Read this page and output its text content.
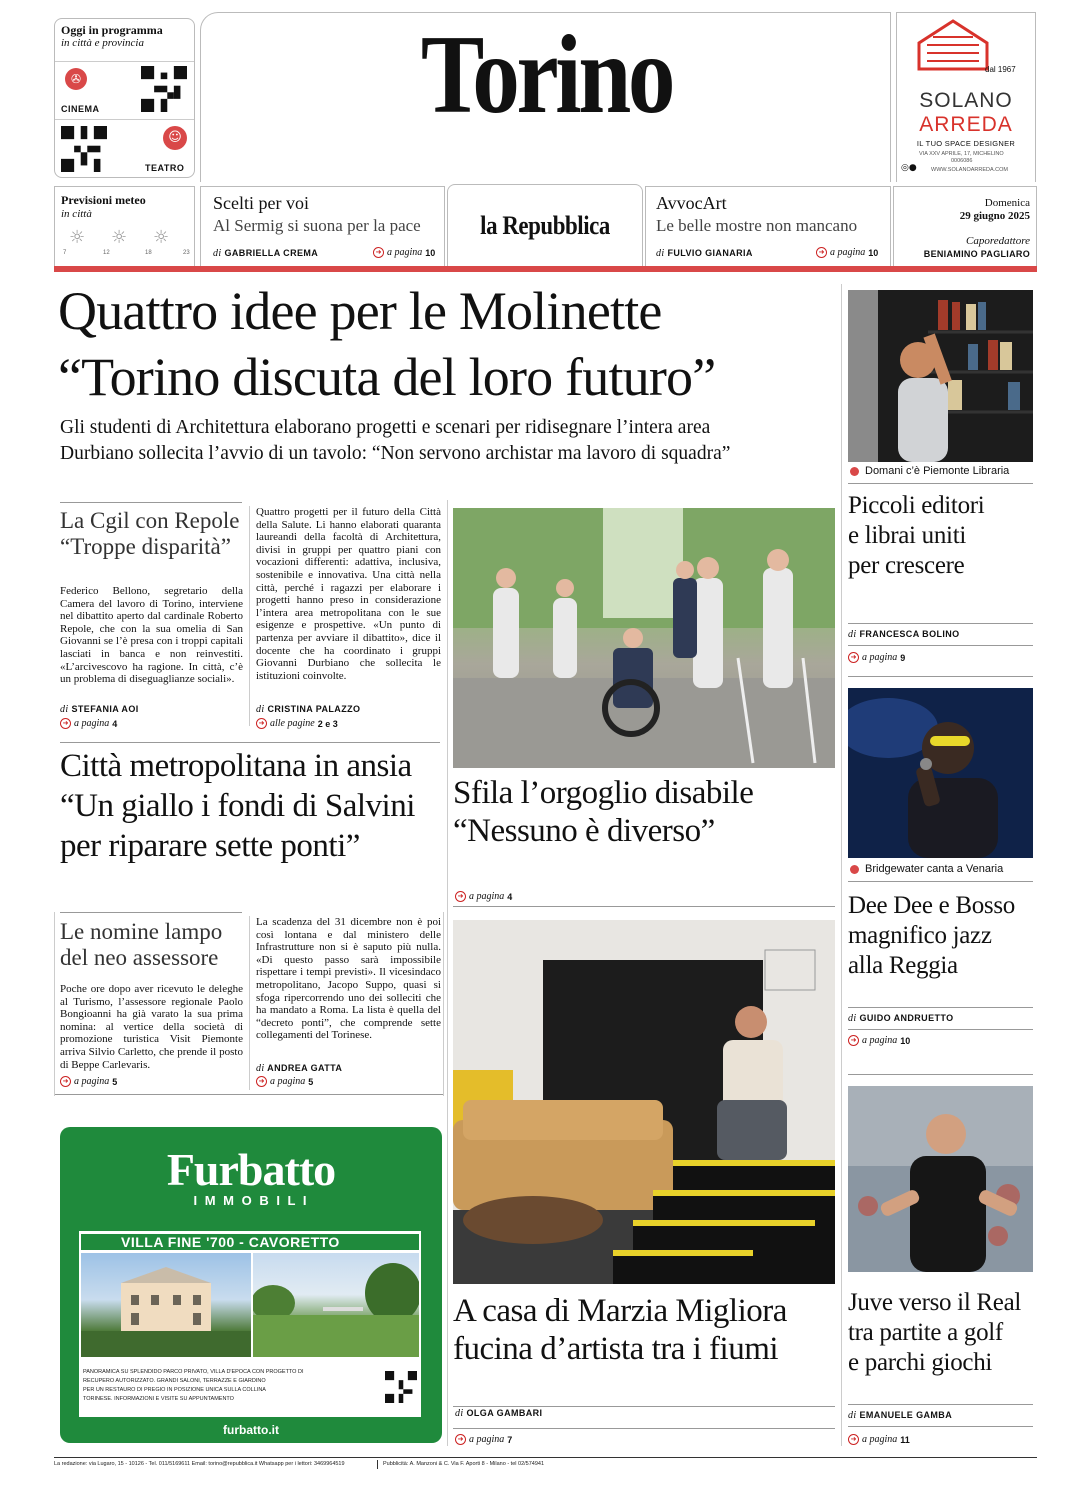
Oggi in programma
in città e provincia
✇
CINEMA
☺
TEATRO
Torino	dal 1967
SOLANO
ARREDA
IL TUO SPACE DESIGNER
VIA XXV APRILE, 17, MICHELINO
0006086
◎●	WWW.SOLANOARREDA.COM
Previsioni meteo
in città
☼ ☼ ☼
7	12	18	23
Scelti per voi
Al Sermig si suona per la pace
di GABRIELLA CREMA	➜ a pagina 10
la Repubblica
AvvocArt
Le belle mostre non mancano
di FULVIO GIANARIA	➜ a pagina 10
Domenica
29 giugno 2025
Caporedattore
BENIAMINO PAGLIARO
Quattro idee per le Molinette
“Torino discuta del loro futuro”
Gli studenti di Architettura elaborano progetti e scenari per ridisegnare l’intera area
Durbiano sollecita l’avvio di un tavolo: “Non servono archistar ma lavoro di squadra”
La Cgil con Repole
“Troppe disparità”
Federico Bellono, segretario della Camera del lavoro di Torino, interviene nel dibattito aperto dal cardinale Roberto Repole, che con la sua omelia di San Giovanni se l’è presa con i troppi capitali lasciati in banca e non reinvestiti. «L’arcivescovo ha ragione. In città, c’è un problema di diseguaglianze sociali».
di STEFANIA AOI
➜ a pagina 4
Quattro progetti per il futuro della Città della Salute. Li hanno elaborati quaranta laureandi della facoltà di Architettura, divisi in gruppi per quattro piani con vocazioni differenti: adattiva, inclusiva, sostenibile e innovativa. Una città nella città, perché i ragazzi per elaborare i progetti hanno preso in considerazione l’intera area metropolitana con le sue esigenze e prospettive. «Un punto di partenza per avviare il dibattito», dice il docente che ha coordinato i gruppi Giovanni Durbiano che sollecita le istituzioni coinvolte.
di CRISTINA PALAZZO
➜ alle pagine 2 e 3
Città metropolitana in ansia
“Un giallo i fondi di Salvini
per riparare sette ponti”
Sfila l’orgoglio disabile
“Nessuno è diverso”
➜ a pagina 4
Le nomine lampo
del neo assessore
Poche ore dopo aver ricevuto le deleghe al Turismo, l’assessore regionale Paolo Bongioanni ha già varato la sua prima nomina: al vertice della società di promozione turistica Visit Piemonte arriva Silvio Carletto, che prende il posto di Beppe Carlevaris.
➜ a pagina 5
La scadenza del 31 dicembre non è poi così lontana e dal ministero delle Infrastrutture non si è saputo più nulla. «Di questo passo sarà impossibile rispettare i tempi previsti». Il vicesindaco metropolitano, Jacopo Suppo, quasi si sfoga ripercorrendo uno dei solleciti che ha mandato a Roma. La lista è quella del “decreto ponti”, che comprende sette collegamenti del Torinese.
di ANDREA GATTA
➜ a pagina 5
A casa di Marzia Migliora
fucina d’artista tra i fiumi
di OLGA GAMBARI
➜ a pagina 7
Furbatto
I M M O B I L I
VILLA FINE '700 - CAVORETTO
PANORAMICA SU SPLENDIDO PARCO PRIVATO, VILLA D'EPOCA CON PROGETTO DI
RECUPERO AUTORIZZATO. GRANDI SALONI, TERRAZZE E GIARDINO
PER UN RESTAURO DI PREGIO IN POSIZIONE UNICA SULLA COLLINA
TORINESE. INFORMAZIONI E VISITE SU APPUNTAMENTO
furbatto.it
Domani c’è Piemonte Libraria
Piccoli editori
e librai uniti
per crescere
di FRANCESCA BOLINO
➜ a pagina 9
Bridgewater canta a Venaria
Dee Dee e Bosso
magnifico jazz
alla Reggia
di GUIDO ANDRUETTO
➜ a pagina 10
Juve verso il Real
tra partite a golf
e parchi giochi
di EMANUELE GAMBA
➜ a pagina 11
La redazione: via Lugaro, 15 - 10126 - Tel. 011/5169611 Email: torino@repubblica.it Whatsapp per i lettori: 3469964519	Pubblicità: A. Manzoni & C. Via F. Aporti 8 - Milano - tel 02/574941
